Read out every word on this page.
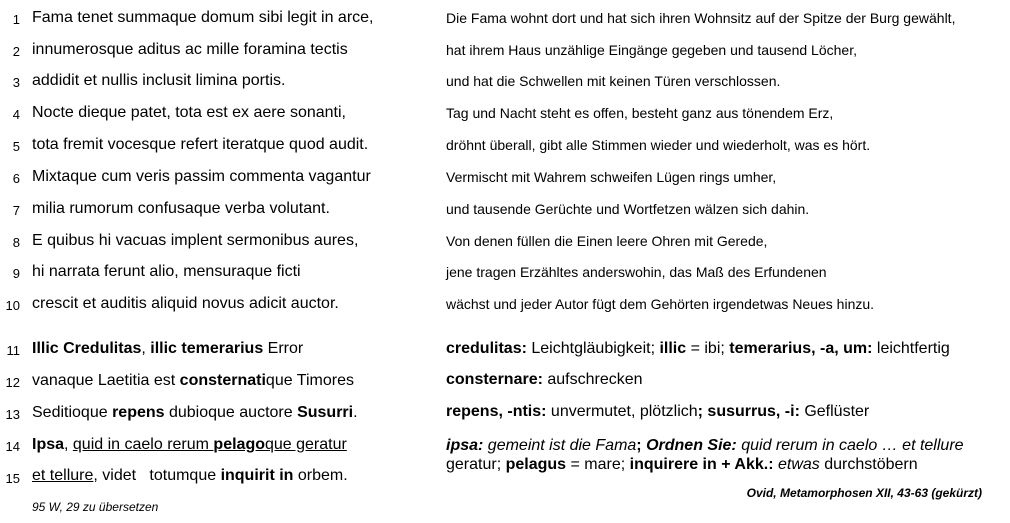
1 Fama tenet summaque domum sibi legit in arce,	Die Fama wohnt dort und hat sich ihren Wohnsitz auf der Spitze der Burg gewählt,
2 innumerosque aditus ac mille foramina tectis	hat ihrem Haus unzählige Eingänge gegeben und tausend Löcher,
3 addidit et nullis inclusit limina portis.	und hat die Schwellen mit keinen Türen verschlossen.
4 Nocte dieque patet, tota est ex aere sonanti,	Tag und Nacht steht es offen, besteht ganz aus tönendem Erz,
5 tota fremit vocesque refert iteratque quod audit.	dröhnt überall, gibt alle Stimmen wieder und wiederholt, was es hört.
6 Mixtaque cum veris passim commenta vagantur	Vermischt mit Wahrem schweifen Lügen rings umher,
7 milia rumorum confusaque verba volutant.	und tausende Gerüchte und Wortfetzen wälzen sich dahin.
8 E quibus hi vacuas implent sermonibus aures,	Von denen füllen die Einen leere Ohren mit Gerede,
9 hi narrata ferunt alio, mensuraque ficti	jene tragen Erzähltes anderswohin, das Maß des Erfundenen
10 crescit et auditis aliquid novus adicit auctor.	wächst und jeder Autor fügt dem Gehörten irgendetwas Neues hinzu.
11 Illic Credulitas, illic temerarius Error	credulitas: Leichtgläubigkeit; illic = ibi; temerarius, -a, um: leichtfertig
12 vanaque Laetitia est consternatique Timores	consternare: aufschrecken
13 Seditioque repens dubioque auctore Susurri.	repens, -ntis: unvermutet, plötzlich; susurrus, -i: Geflüster
14 Ipsa, quid in caelo rerum pelagoque geratur	ipsa: gemeint ist die Fama; Ordnen Sie: quid rerum in caelo … et tellure geratur; pelagus = mare; inquirere in + Akk.: etwas durchstöbern
15 et tellure, videt   totumque inquirit in orbem.
95 W, 29 zu übersetzen
Ovid, Metamorphosen XII, 43-63 (gekürzt)
